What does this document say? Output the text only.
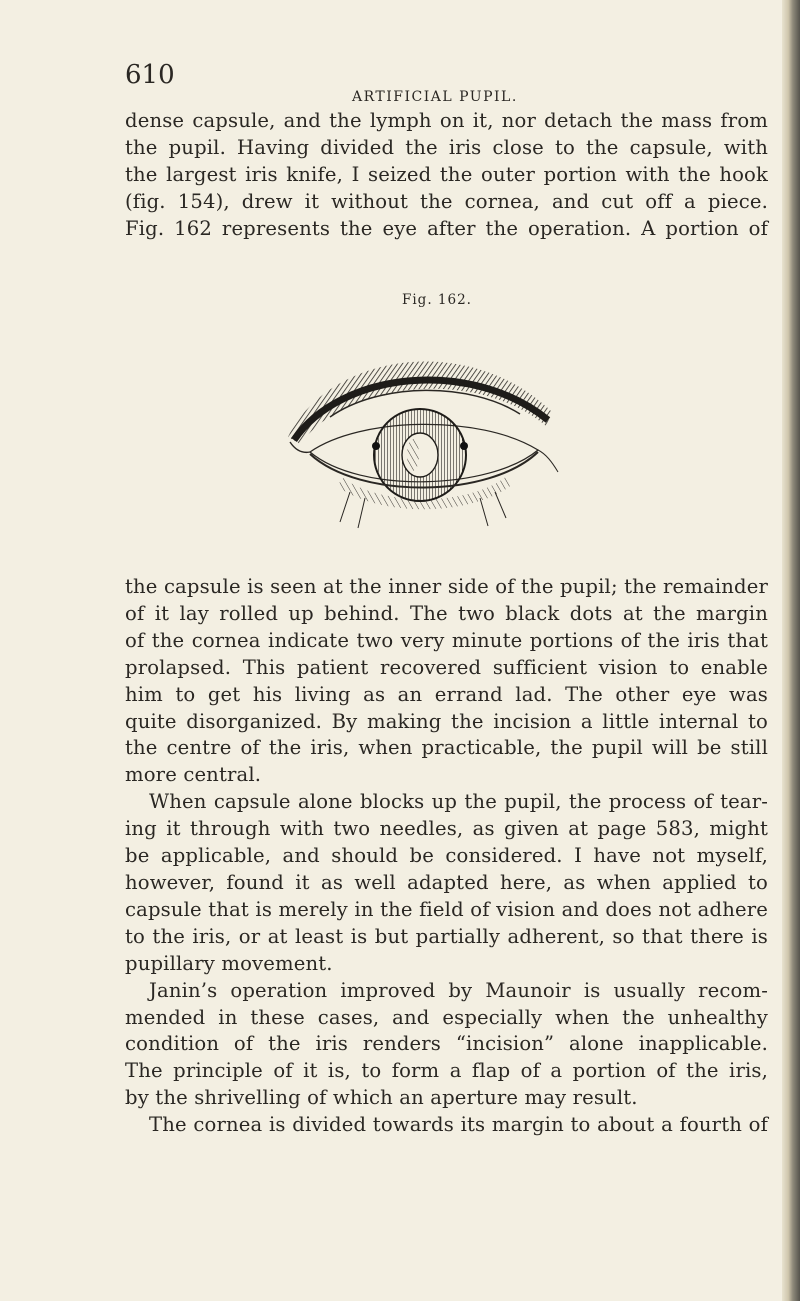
610
ARTIFICIAL PUPIL.
dense capsule, and the lymph on it, nor detach the mass from
the pupil. Having divided the iris close to the capsule, with
the largest iris knife, I seized the outer portion with the hook
(fig. 154), drew it without the cornea, and cut off a piece.
Fig. 162 represents the eye after the operation. A portion of
Fig. 162.
the capsule is seen at the inner side of the pupil; the remainder
of it lay rolled up behind. The two black dots at the margin
of the cornea indicate two very minute portions of the iris that
prolapsed. This patient recovered sufficient vision to enable
him to get his living as an errand lad. The other eye was
quite disorganized. By making the incision a little internal to
the centre of the iris, when practicable, the pupil will be still
more central.
When capsule alone blocks up the pupil, the process of tear-
ing it through with two needles, as given at page 583, might
be applicable, and should be considered. I have not myself,
however, found it as well adapted here, as when applied to
capsule that is merely in the field of vision and does not adhere
to the iris, or at least is but partially adherent, so that there is
pupillary movement.
Janin’s operation improved by Maunoir is usually recom-
mended in these cases, and especially when the unhealthy
condition of the iris renders “incision” alone inapplicable.
The principle of it is, to form a flap of a portion of the iris,
by the shrivelling of which an aperture may result.
The cornea is divided towards its margin to about a fourth of
